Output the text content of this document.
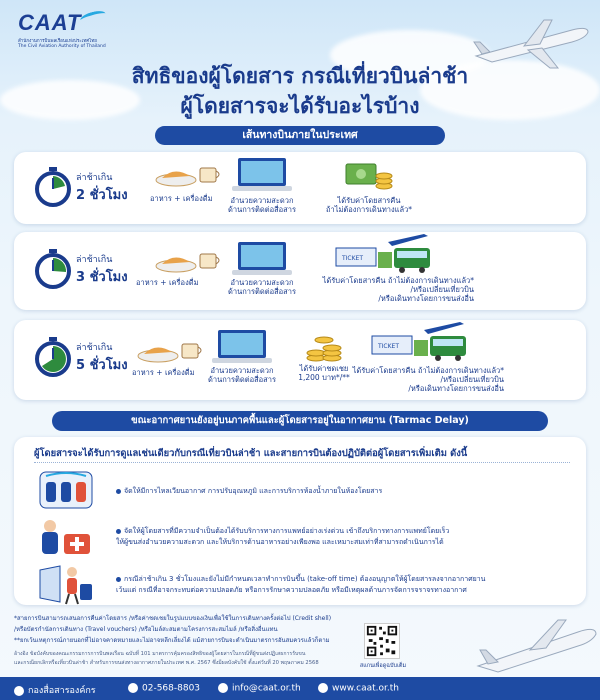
CAAT
สำนักงานการบินพลเรือนแห่งประเทศไทย
The Civil Aviation Authority of Thailand
สิทธิของผู้โดยสาร กรณีเที่ยวบินล่าช้า
ผู้โดยสารจะได้รับอะไรบ้าง
เส้นทางบินภายในประเทศ
ล่าช้าเกิน
2 ชั่วโมง	อาหาร + เครื่องดื่ม	อำนวยความสะดวก
ด้านการติดต่อสื่อสาร
ได้รับค่าโดยสารคืน
ถ้าไม่ต้องการเดินทางแล้ว*
ล่าช้าเกิน
3 ชั่วโมง อาหาร + เครื่องดื่ม	อำนวยความสะดวก
ด้านการติดต่อสื่อสาร
TICKET
ได้รับค่าโดยสารคืน ถ้าไม่ต้องการเดินทางแล้ว*
/หรือเปลี่ยนเที่ยวบิน
/หรือเดินทางโดยการขนส่งอื่น
ล่าช้าเกิน
5 ชั่วโมง อาหาร + เครื่องดื่ม	อำนวยความสะดวก
ด้านการติดต่อสื่อสาร
ได้รับค่าชดเชย
1,200 บาท*/**
TICKET
ได้รับค่าโดยสารคืน ถ้าไม่ต้องการเดินทางแล้ว*
/หรือเปลี่ยนเที่ยวบิน
/หรือเดินทางโดยการขนส่งอื่น
ขณะอากาศยานยังอยู่บนภาคพื้นและผู้โดยสารอยู่ในอากาศยาน (Tarmac Delay)
ผู้โดยสารจะได้รับการดูแลเช่นเดียวกับกรณีเที่ยวบินล่าช้า และสายการบินต้องปฏิบัติต่อผู้โดยสารเพิ่มเติม ดังนี้
จัดให้มีการไหลเวียนอากาศ การปรับอุณหภูมิ และการบริการห้องน้ำภายในห้องโดยสาร
จัดให้ผู้โดยสารที่มีความจำเป็นต้องได้รับบริการทางการแพทย์อย่างเร่งด่วน เข้าถึงบริการทางการแพทย์โดยเร็ว
ให้ผู้ขนส่งอำนวยความสะดวก และให้บริการด้านอาหารอย่างเพียงพอ และเหมาะสมเท่าที่สามารถดำเนินการได้
กรณีล่าช้าเกิน 3 ชั่วโมงและยังไม่มีกำหนดเวลาทำการบินขึ้น (take-off time) ต้องอนุญาตให้ผู้โดยสารลงจากอากาศยาน
เว้นแต่ กรณีที่อาจกระทบต่อความปลอดภัย หรือการรักษาความปลอดภัย หรือมีเหตุผลด้านการจัดการจราจรทางอากาศ
*สายการบินสามารถเสนอการคืนค่าโดยสาร /หรือค่าชดเชยในรูปแบบของเงินเพื่อใช้ในการเดินทางครั้งต่อไป (Credit shell)
/หรือบัตรกำนัลการเดินทาง (Travel vouchers) /หรือไมล์สะสมตามโครงการสะสมไมล์ /หรือสิ่งอื่นแทน
**ยกเว้นเหตุการณ์ภายนอกที่ไม่อาจคาดหมายและไม่อาจหลีกเลี่ยงได้ แม้สายการบินจะดำเนินมาตรการอันสมควรแล้วก็ตาม
อ้างอิง ข้อบังคับของคณะกรรมการการบินพลเรือน ฉบับที่ 101 มาตรการคุ้มครองสิทธิของผู้โดยสารในกรณีที่ผู้ขนส่งปฏิเสธการรับขน
และกรณียกเลิกหรือเที่ยวบินล่าช้า สำหรับการขนส่งทางอากาศภายในประเทศ พ.ศ. 2567 ซึ่งมีผลบังคับใช้ ตั้งแต่วันที่ 20 พฤษภาคม 2568	สแกนเพื่อดูฉบับเต็ม
กองสื่อสารองค์กร	02-568-8803	info@caat.or.th	www.caat.or.th
